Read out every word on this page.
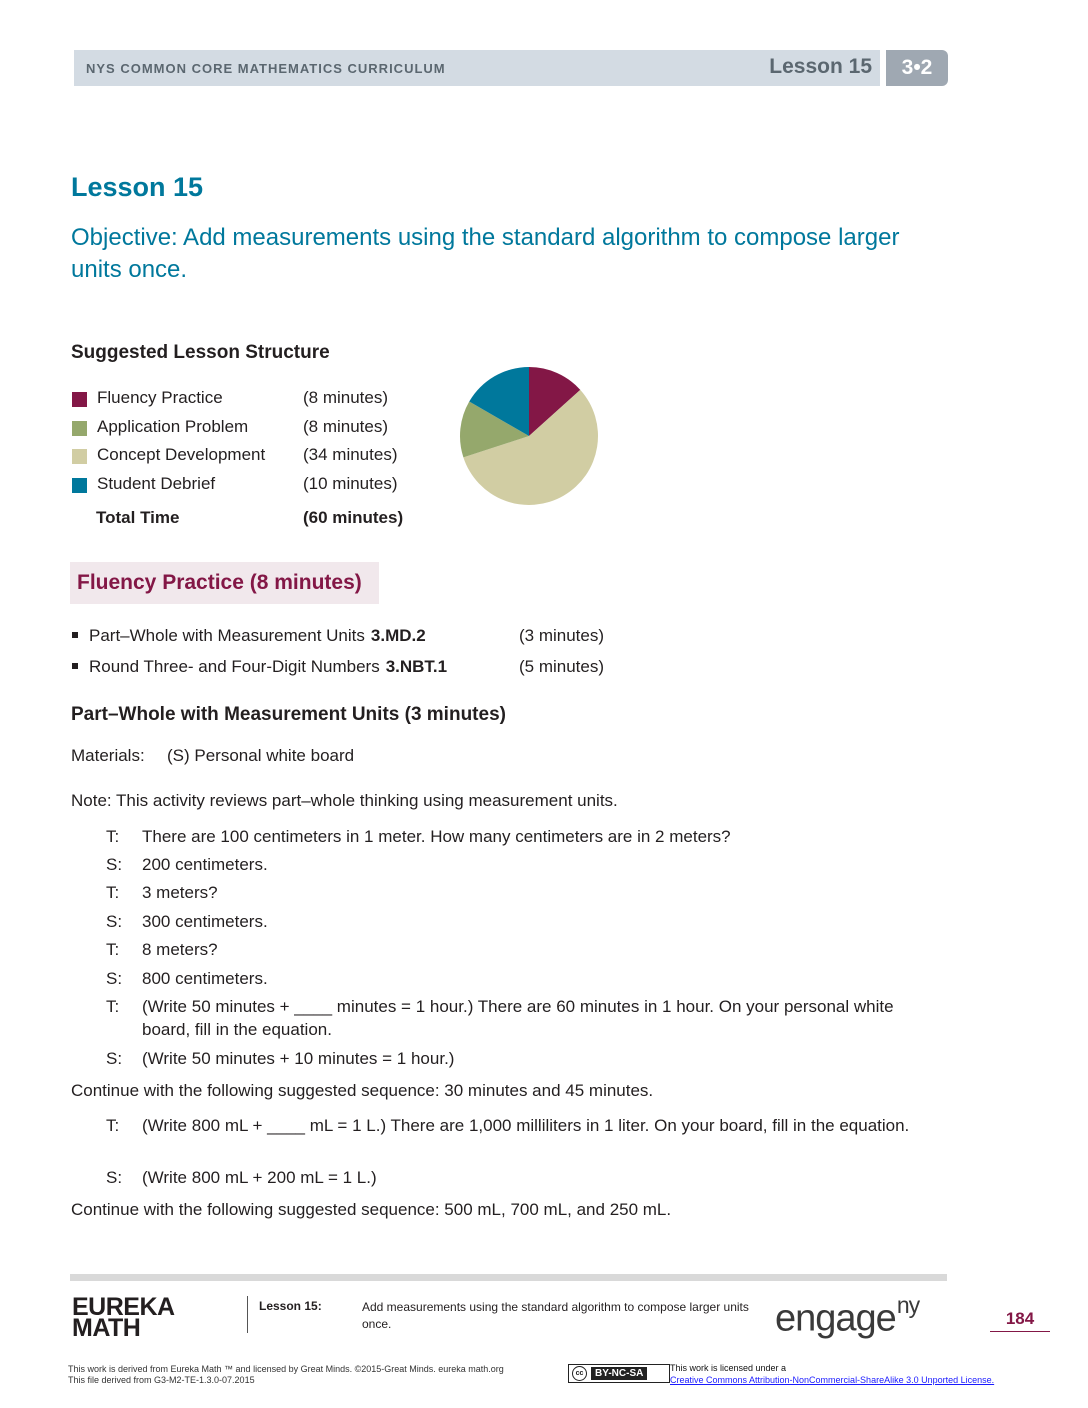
NYS COMMON CORE MATHEMATICS CURRICULUM	Lesson 15	3•2
Lesson 15
Objective: Add measurements using the standard algorithm to compose larger units once.
Suggested Lesson Structure
Fluency Practice	(8 minutes)
Application Problem	(8 minutes)
Concept Development (34 minutes)
Student Debrief	(10 minutes)
Total Time	(60 minutes)
Fluency Practice (8 minutes)
Part–Whole with Measurement Units 3.MD.2	(3 minutes)
Round Three- and Four-Digit Numbers 3.NBT.1	(5 minutes)
Part–Whole with Measurement Units (3 minutes)
Materials: (S) Personal white board
Note: This activity reviews part–whole thinking using measurement units.
T: There are 100 centimeters in 1 meter. How many centimeters are in 2 meters?
S: 200 centimeters.
T: 3 meters?
S: 300 centimeters.
T: 8 meters?
S: 800 centimeters.
T: (Write 50 minutes + ____ minutes = 1 hour.) There are 60 minutes in 1 hour. On your personal white board, fill in the equation.
S: (Write 50 minutes + 10 minutes = 1 hour.)
Continue with the following suggested sequence: 30 minutes and 45 minutes.
T: (Write 800 mL + ____ mL = 1 L.) There are 1,000 milliliters in 1 liter. On your board, fill in the equation.
S: (Write 800 mL + 200 mL = 1 L.)
Continue with the following suggested sequence: 500 mL, 700 mL, and 250 mL.
EUREKA
MATH
Lesson 15:	Add measurements using the standard algorithm to compose larger units once.	engage$^{ny}$
184
This work is derived from Eureka Math ™ and licensed by Great Minds. ©2015-Great Minds. eureka math.org
This file derived from G3-M2-TE-1.3.0-07.2015
cc	BY-NC-SA	This work is licensed under a
Creative Commons Attribution-NonCommercial-ShareAlike 3.0 Unported License.
